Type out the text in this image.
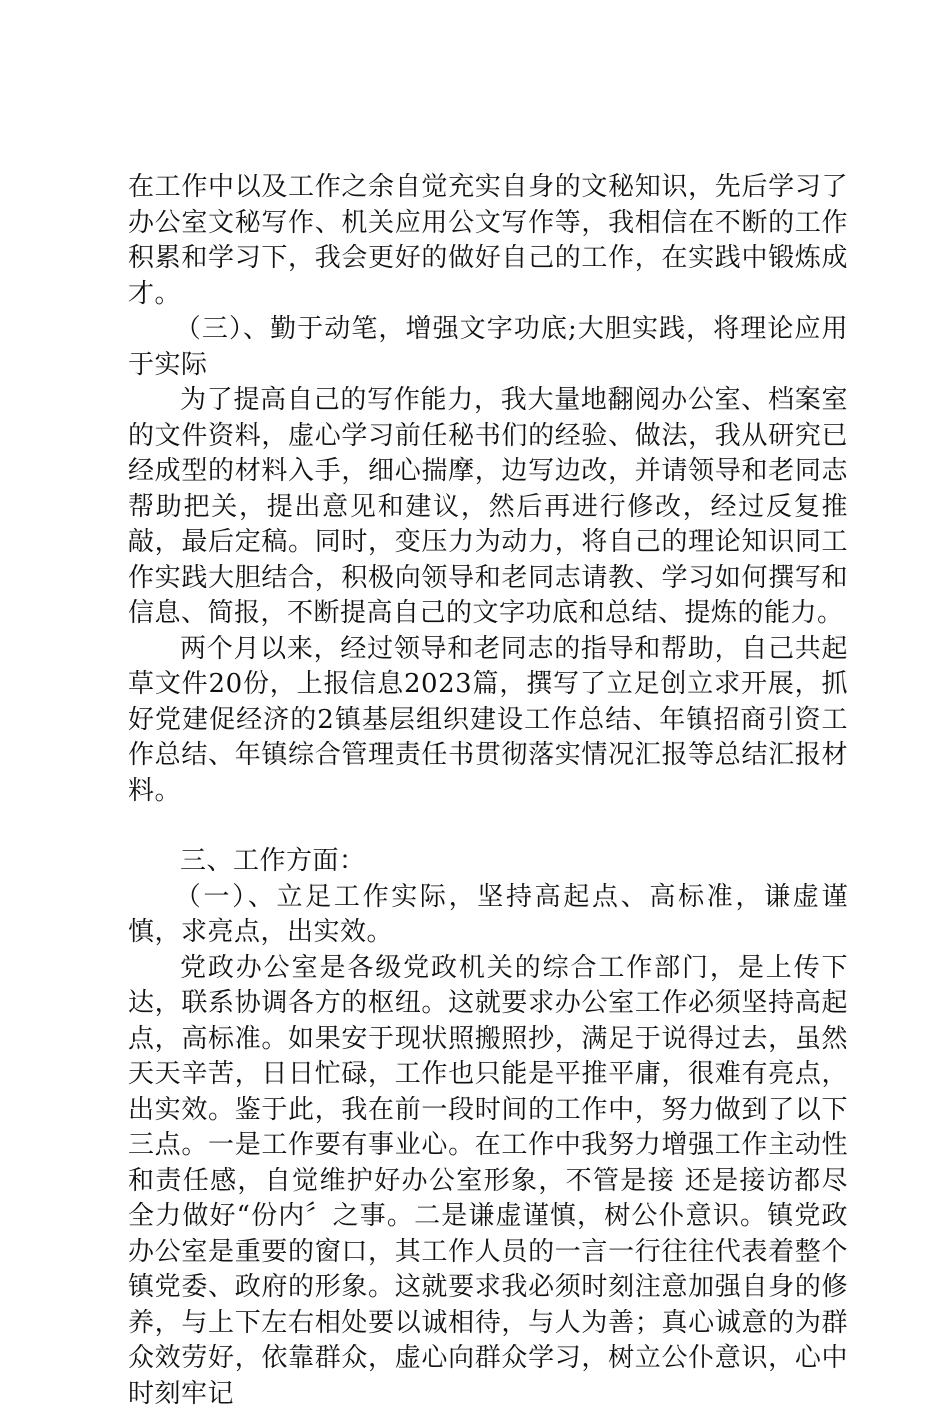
在工作中以及工作之余自觉充实自身的文秘知识，先后学习了办公室文秘写作、机关应用公文写作等，我相信在不断的工作积累和学习下，我会更好的做好自己的工作，在实践中锻炼成才。

（三）、勤于动笔，增强文字功底;大胆实践，将理论应用于实际

为了提高自己的写作能力，我大量地翻阅办公室、档案室的文件资料，虚心学习前任秘书们的经验、做法，我从研究已经成型的材料入手，细心揣摩，边写边改，并请领导和老同志帮助把关，提出意见和建议，然后再进行修改，经过反复推敲，最后定稿。同时，变压力为动力，将自己的理论知识同工作实践大胆结合，积极向领导和老同志请教、学习如何撰写和信息、简报，不断提高自己的文字功底和总结、提炼的能力。

两个月以来，经过领导和老同志的指导和帮助，自己共起草文件20份，上报信息2023篇，撰写了立足创立求开展，抓好党建促经济的2镇基层组织建设工作总结、年镇招商引资工作总结、年镇综合管理责任书贯彻落实情况汇报等总结汇报材料。

三、工作方面：

（一）、立足工作实际，坚持高起点、高标准，谦虚谨慎，求亮点，出实效。

党政办公室是各级党政机关的综合工作部门，是上传下达，联系协调各方的枢纽。这就要求办公室工作必须坚持高起点，高标准。如果安于现状照搬照抄，满足于说得过去，虽然天天辛苦，日日忙碌，工作也只能是平推平庸，很难有亮点，出实效。鉴于此，我在前一段时间的工作中，努力做到了以下三点。一是工作要有事业心。在工作中我努力增强工作主动性和责任感，自觉维护好办公室形象，不管是接 还是接访都尽全力做好“份内〞之事。二是谦虚谨慎，树公仆意识。镇党政办公室是重要的窗口，其工作人员的一言一行往往代表着整个镇党委、政府的形象。这就要求我必须时刻注意加强自身的修养，与上下左右相处要以诚相待，与人为善；真心诚意的为群众效劳好，依靠群众，虚心向群众学习，树立公仆意识，心中时刻牢记
